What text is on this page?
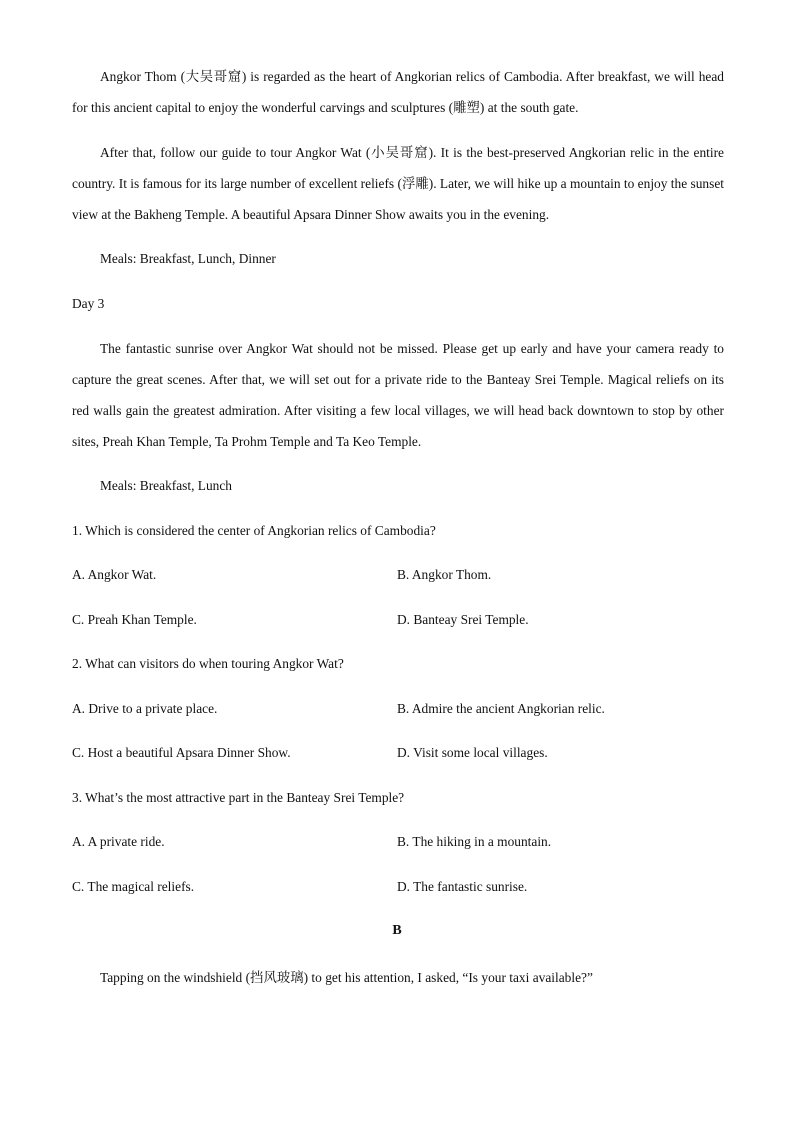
Angkor Thom (大吴哥窟) is regarded as the heart of Angkorian relics of Cambodia. After breakfast, we will head for this ancient capital to enjoy the wonderful carvings and sculptures (雕塑) at the south gate.

After that, follow our guide to tour Angkor Wat (小吴哥窟). It is the best-preserved Angkorian relic in the entire country. It is famous for its large number of excellent reliefs (浮雕). Later, we will hike up a mountain to enjoy the sunset view at the Bakheng Temple. A beautiful Apsara Dinner Show awaits you in the evening.

Meals: Breakfast, Lunch, Dinner

Day 3

The fantastic sunrise over Angkor Wat should not be missed. Please get up early and have your camera ready to capture the great scenes. After that, we will set out for a private ride to the Banteay Srei Temple. Magical reliefs on its red walls gain the greatest admiration. After visiting a few local villages, we will head back downtown to stop by other sites, Preah Khan Temple, Ta Prohm Temple and Ta Keo Temple.

Meals: Breakfast, Lunch

1. Which is considered the center of Angkorian relics of Cambodia?

A. Angkor Wat.	B. Angkor Thom.

C. Preah Khan Temple.	D. Banteay Srei Temple.

2. What can visitors do when touring Angkor Wat?

A. Drive to a private place.	B. Admire the ancient Angkorian relic.

C. Host a beautiful Apsara Dinner Show.	D. Visit some local villages.

3. What’s the most attractive part in the Banteay Srei Temple?

A. A private ride.	B. The hiking in a mountain.

C. The magical reliefs.	D. The fantastic sunrise.

B

Tapping on the windshield (挡风玻璃) to get his attention, I asked, “Is your taxi available?”
